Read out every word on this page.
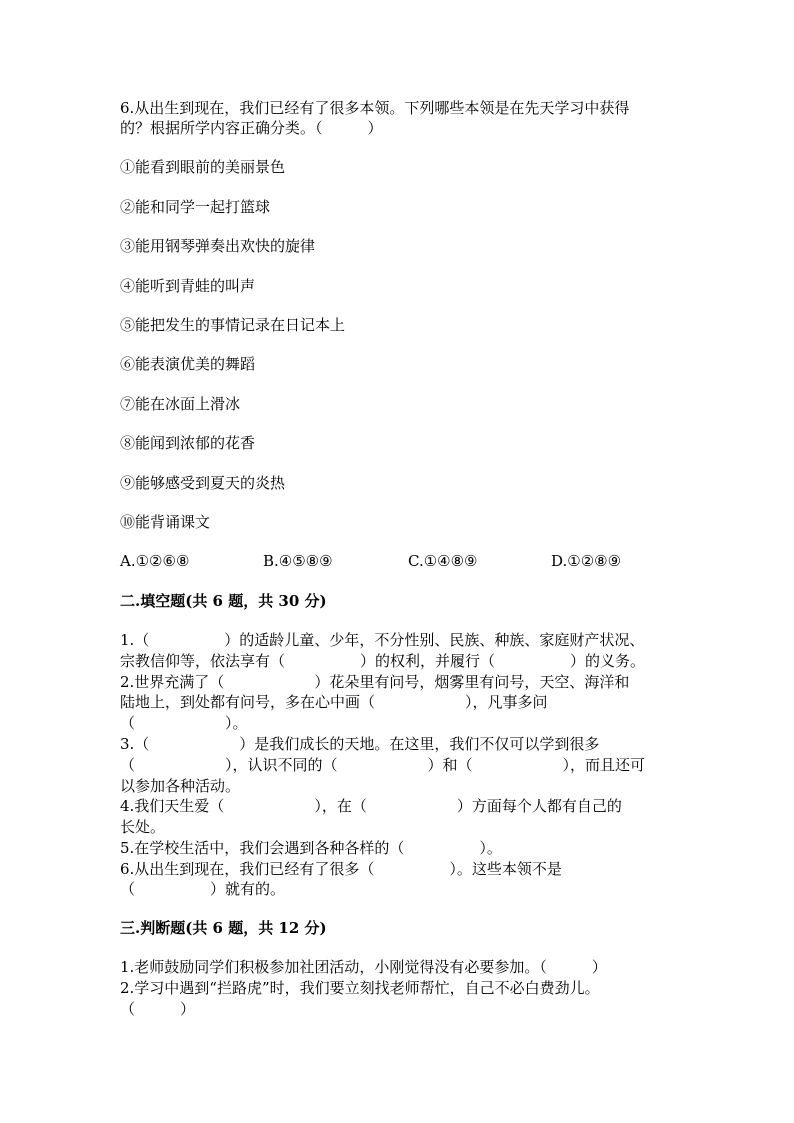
6.从出生到现在，我们已经有了很多本领。下列哪些本领是在先天学习中获得
的？根据所学内容正确分类。（　　　）
①能看到眼前的美丽景色
②能和同学一起打篮球
③能用钢琴弹奏出欢快的旋律
④能听到青蛙的叫声
⑤能把发生的事情记录在日记本上
⑥能表演优美的舞蹈
⑦能在冰面上滑冰
⑧能闻到浓郁的花香
⑨能够感受到夏天的炎热
⑩能背诵课文
A.①②⑥⑧	B.④⑤⑧⑨	C.①④⑧⑨	D.①②⑧⑨
二.填空题(共 6 题，共 30 分)
1.（　　　　　）的适龄儿童、少年，不分性别、民族、种族、家庭财产状况、
宗教信仰等，依法享有（　　　　　）的权利，并履行（　　　　　）的义务。
2.世界充满了（　　　　　　）花朵里有问号，烟雾里有问号，天空、海洋和
陆地上，到处都有问号，多在心中画（　　　　　　），凡事多问
（　　　　　　）。
3.（　　　　　　）是我们成长的天地。在这里，我们不仅可以学到很多
（　　　　　　），认识不同的（　　　　　　）和（　　　　　　），而且还可
以参加各种活动。
4.我们天生爱（　　　　　　），在（　　　　　　）方面每个人都有自己的
长处。
5.在学校生活中，我们会遇到各种各样的（　　　　　）。
6.从出生到现在，我们已经有了很多（　　　　　）。这些本领不是
（　　　　　）就有的。
三.判断题(共 6 题，共 12 分)
1.老师鼓励同学们积极参加社团活动，小刚觉得没有必要参加。（　　　）
2.学习中遇到“拦路虎”时，我们要立刻找老师帮忙，自己不必白费劲儿。
（　　　）
